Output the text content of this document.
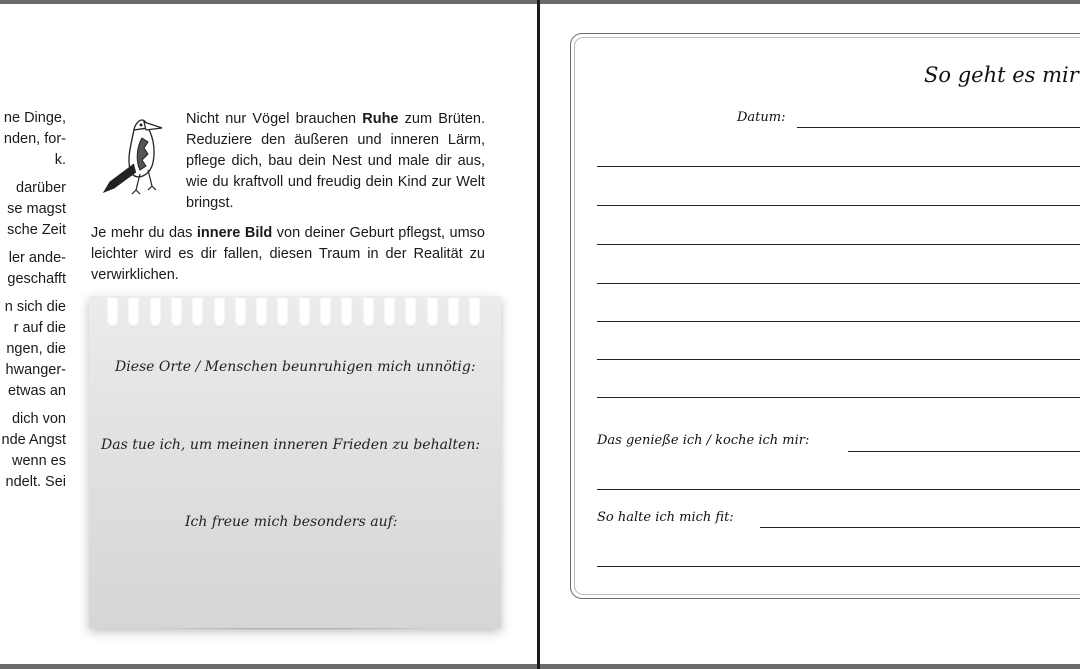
ne Dinge,
nden, for-
k.
darüber
se magst
sche Zeit
ler ande-
geschafft
n sich die
r auf die
ngen, die
hwanger-
etwas an
dich von
nde Angst
wenn es
ndelt. Sei
Nicht nur Vögel brauchen Ruhe zum Brüten. Reduziere den äußeren und inneren Lärm, pflege dich, bau dein Nest und male dir aus, wie du kraftvoll und freudig dein Kind zur Welt bringst.
Je mehr du das innere Bild von deiner Geburt pflegst, umso leichter wird es dir fallen, diesen Traum in der Realität zu verwirklichen.
Diese Orte / Menschen beunruhigen mich unnötig:
Das tue ich, um meinen inneren Frieden zu behalten:
Ich freue mich besonders auf:
So geht es mir
Datum:
Das genieße ich / koche ich mir:
So halte ich mich fit:
